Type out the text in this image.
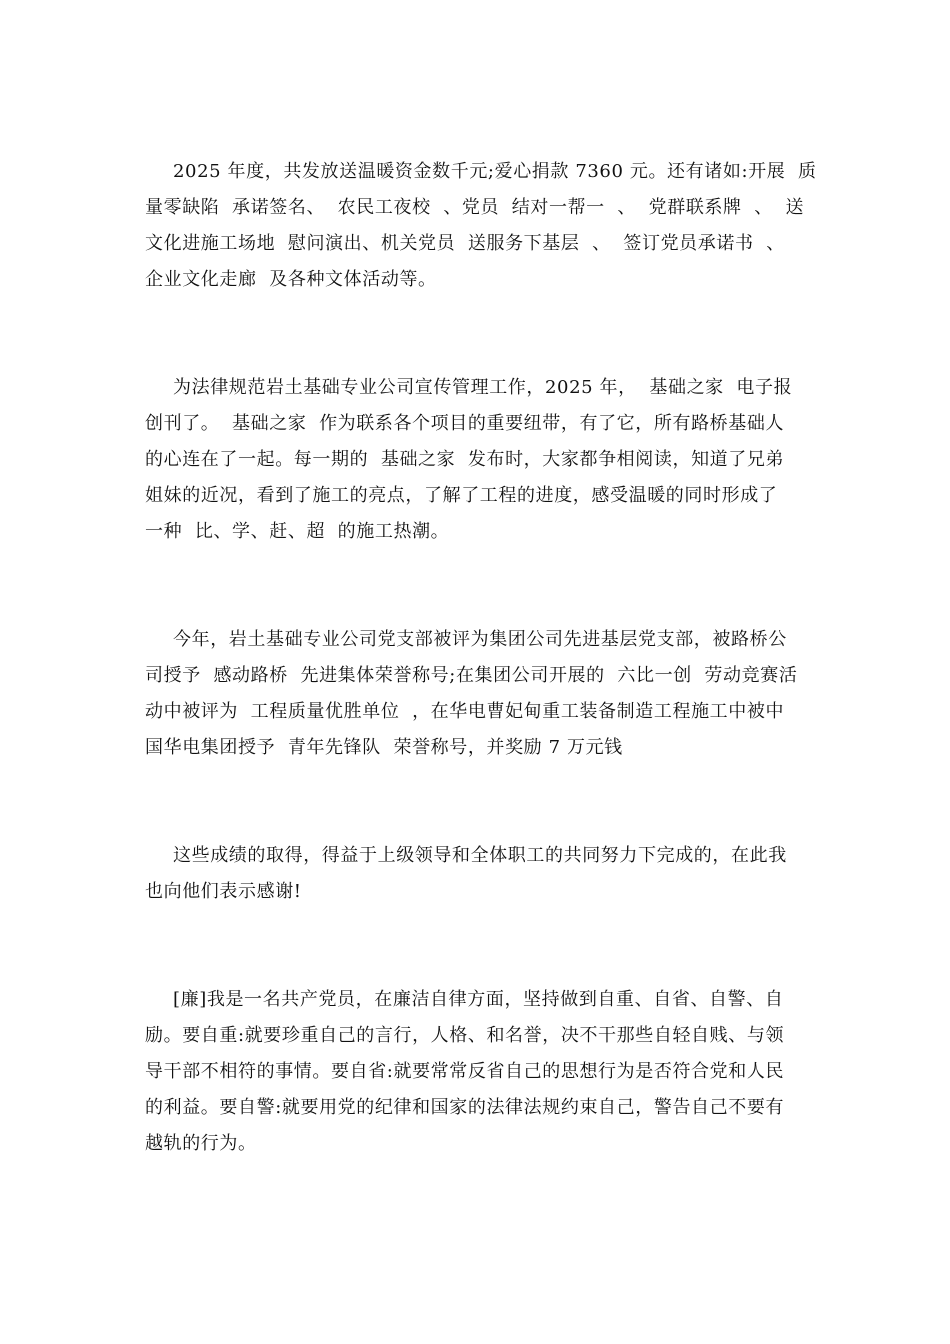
2025 年度，共发放送温暖资金数千元;爱心捐款 7360 元。还有诸如:开展  质
量零缺陷  承诺签名、  农民工夜校  、党员  结对一帮一  、  党群联系牌  、  送
文化进施工场地  慰问演出、机关党员  送服务下基层  、  签订党员承诺书  、
企业文化走廊  及各种文体活动等。
为法律规范岩土基础专业公司宣传管理工作，2025 年，  基础之家  电子报
创刊了。  基础之家  作为联系各个项目的重要纽带，有了它，所有路桥基础人
的心连在了一起。每一期的  基础之家  发布时，大家都争相阅读，知道了兄弟
姐妹的近况，看到了施工的亮点，了解了工程的进度，感受温暖的同时形成了
一种  比、学、赶、超  的施工热潮。
今年，岩土基础专业公司党支部被评为集团公司先进基层党支部，被路桥公
司授予  感动路桥  先进集体荣誉称号;在集团公司开展的  六比一创  劳动竞赛活
动中被评为  工程质量优胜单位  ，在华电曹妃甸重工装备制造工程施工中被中
国华电集团授予  青年先锋队  荣誉称号，并奖励 7 万元钱
这些成绩的取得，得益于上级领导和全体职工的共同努力下完成的，在此我
也向他们表示感谢!
[廉]我是一名共产党员，在廉洁自律方面，坚持做到自重、自省、自警、自
励。要自重:就要珍重自己的言行，人格、和名誉，决不干那些自轻自贱、与领
导干部不相符的事情。要自省:就要常常反省自己的思想行为是否符合党和人民
的利益。要自警:就要用党的纪律和国家的法律法规约束自己，警告自己不要有
越轨的行为。
